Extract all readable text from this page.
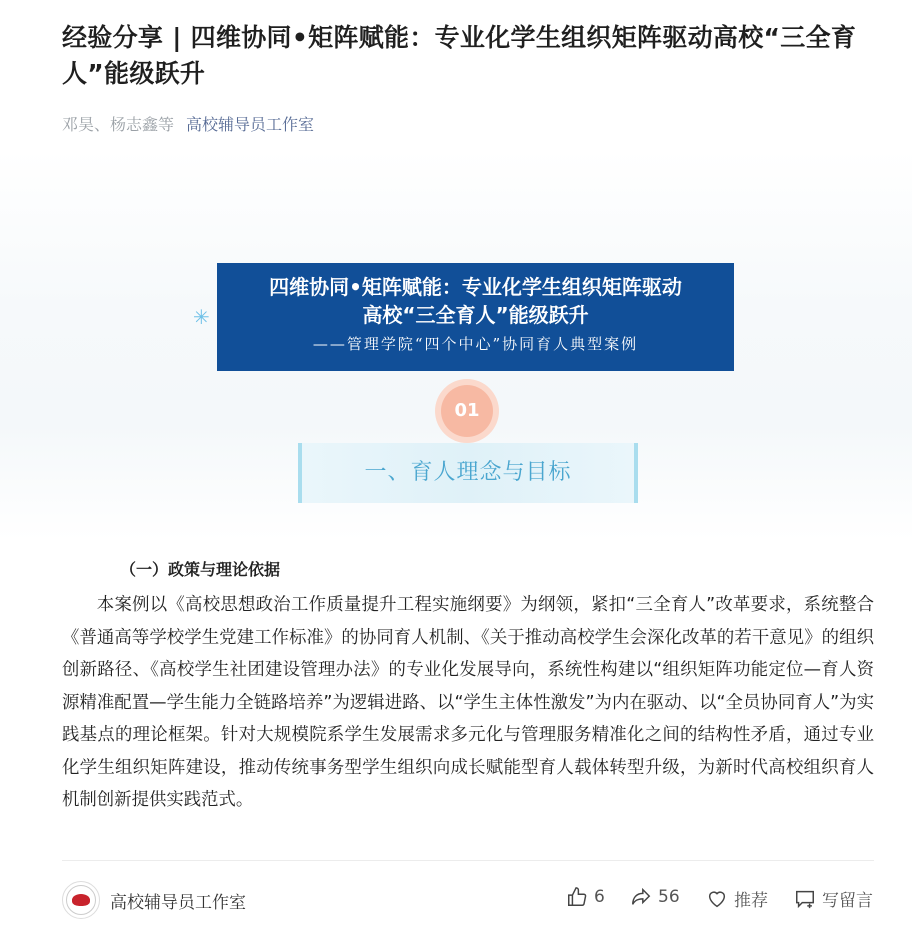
经验分享 | 四维协同•矩阵赋能：专业化学生组织矩阵驱动高校“三全育人”能级跃升
邓昊、杨志鑫等 高校辅导员工作室
✳
四维协同•矩阵赋能：专业化学生组织矩阵驱动
高校“三全育人”能级跃升
——管理学院“四个中心”协同育人典型案例
01
一、育人理念与目标
（一）政策与理论依据
本案例以《高校思想政治工作质量提升工程实施纲要》为纲领，紧扣“三全育人”改革要求，系统整合《普通高等学校学生党建工作标准》的协同育人机制、《关于推动高校学生会深化改革的若干意见》的组织创新路径、《高校学生社团建设管理办法》的专业化发展导向，系统性构建以“组织矩阵功能定位—育人资源精准配置—学生能力全链路培养”为逻辑进路、以“学生主体性激发”为内在驱动、以“全员协同育人”为实践基点的理论框架。针对大规模院系学生发展需求多元化与管理服务精准化之间的结构性矛盾，通过专业化学生组织矩阵建设，推动传统事务型学生组织向成长赋能型育人载体转型升级，为新时代高校组织育人机制创新提供实践范式。
高校辅导员工作室	6	56	推荐	写留言
